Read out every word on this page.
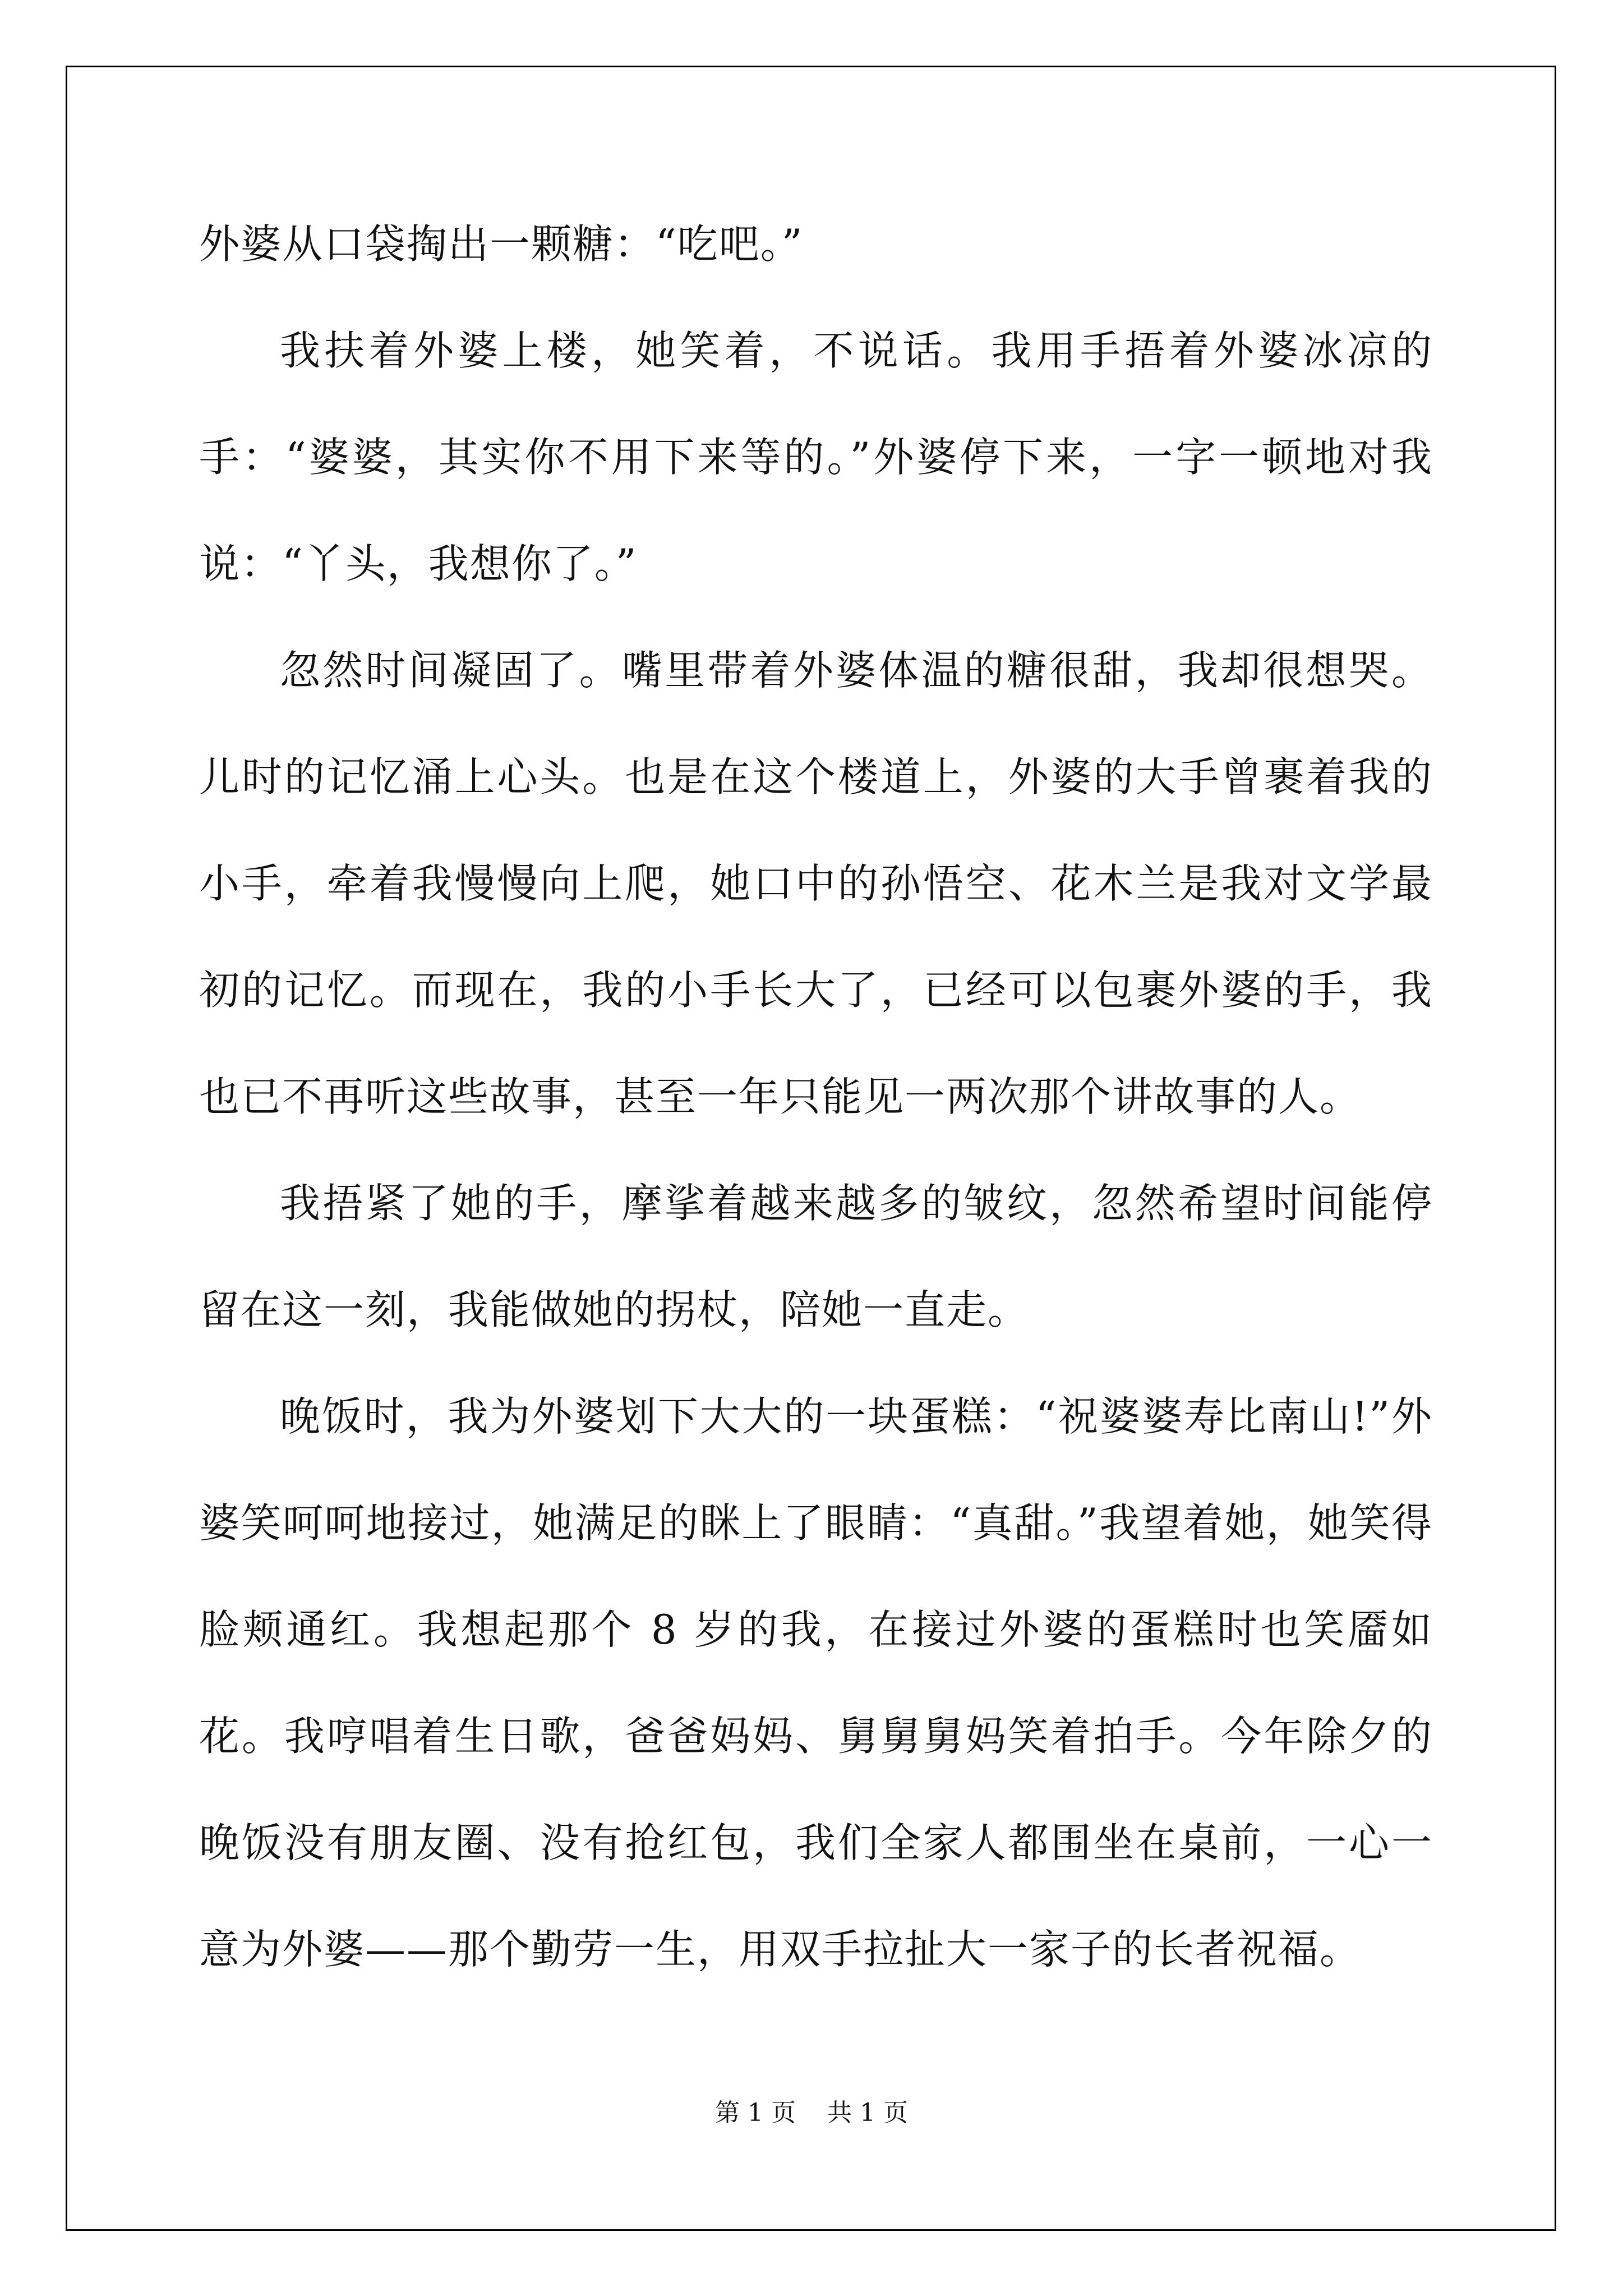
外婆从口袋掏出一颗糖：“吃吧。”

我扶着外婆上楼，她笑着，不说话。我用手捂着外婆冰凉的手：“婆婆，其实你不用下来等的。”外婆停下来，一字一顿地对我说：“丫头，我想你了。”

忽然时间凝固了。嘴里带着外婆体温的糖很甜，我却很想哭。儿时的记忆涌上心头。也是在这个楼道上，外婆的大手曾裹着我的小手，牵着我慢慢向上爬，她口中的孙悟空、花木兰是我对文学最初的记忆。而现在，我的小手长大了，已经可以包裹外婆的手，我也已不再听这些故事，甚至一年只能见一两次那个讲故事的人。

我捂紧了她的手，摩挲着越来越多的皱纹，忽然希望时间能停留在这一刻，我能做她的拐杖，陪她一直走。

晚饭时，我为外婆划下大大的一块蛋糕：“祝婆婆寿比南山!”外婆笑呵呵地接过，她满足的眯上了眼睛：“真甜。”我望着她，她笑得脸颊通红。我想起那个 8 岁的我，在接过外婆的蛋糕时也笑靥如花。我哼唱着生日歌，爸爸妈妈、舅舅舅妈笑着拍手。今年除夕的晚饭没有朋友圈、没有抢红包，我们全家人都围坐在桌前，一心一意为外婆——那个勤劳一生，用双手拉扯大一家子的长者祝福。

第 1 页 共 1 页
